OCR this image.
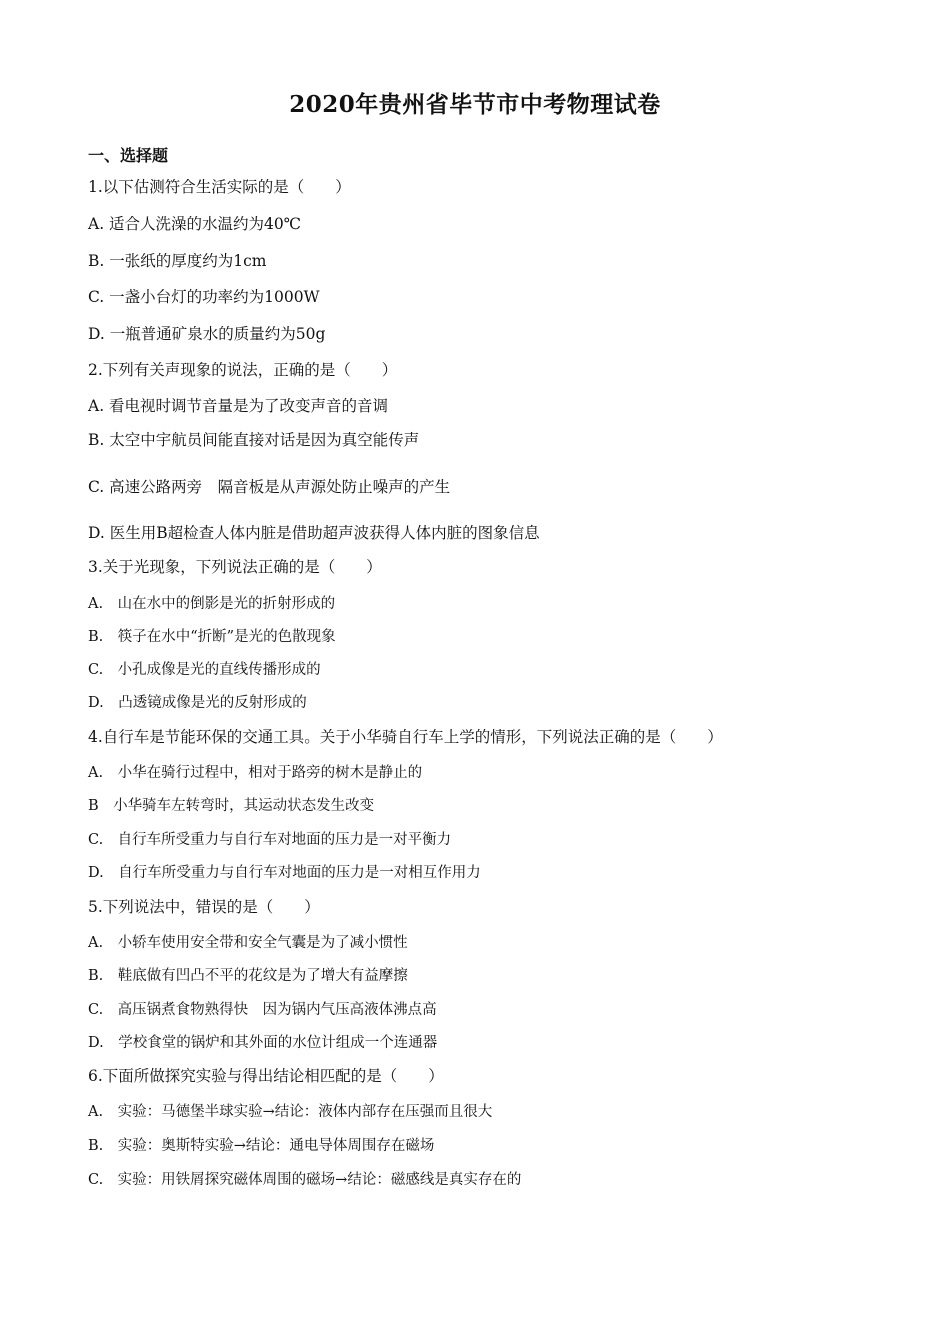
2020年贵州省毕节市中考物理试卷
一、选择题
1.以下估测符合生活实际的是（　　）
A. 适合人洗澡的水温约为40℃
B. 一张纸的厚度约为1cm
C. 一盏小台灯的功率约为1000W
D. 一瓶普通矿泉水的质量约为50g
2.下列有关声现象的说法，正确的是（　　）
A. 看电视时调节音量是为了改变声音的音调
B. 太空中宇航员间能直接对话是因为真空能传声
C. 高速公路两旁　隔音板是从声源处防止噪声的产生
D. 医生用B超检查人体内脏是借助超声波获得人体内脏的图象信息
3.关于光现象，下列说法正确的是（　　）
A.　山在水中的倒影是光的折射形成的
B.　筷子在水中“折断”是光的色散现象
C.　小孔成像是光的直线传播形成的
D.　凸透镜成像是光的反射形成的
4.自行车是节能环保的交通工具。关于小华骑自行车上学的情形，下列说法正确的是（　　）
A.　小华在骑行过程中，相对于路旁的树木是静止的
B　小华骑车左转弯时，其运动状态发生改变
C.　自行车所受重力与自行车对地面的压力是一对平衡力
D.　自行车所受重力与自行车对地面的压力是一对相互作用力
5.下列说法中，错误的是（　　）
A.　小轿车使用安全带和安全气囊是为了减小惯性
B.　鞋底做有凹凸不平的花纹是为了增大有益摩擦
C.　高压锅煮食物熟得快　因为锅内气压高液体沸点高
D.　学校食堂的锅炉和其外面的水位计组成一个连通器
6.下面所做探究实验与得出结论相匹配的是（　　）
A.　实验：马德堡半球实验→结论：液体内部存在压强而且很大
B.　实验：奥斯特实验→结论：通电导体周围存在磁场
C.　实验：用铁屑探究磁体周围的磁场→结论：磁感线是真实存在的
